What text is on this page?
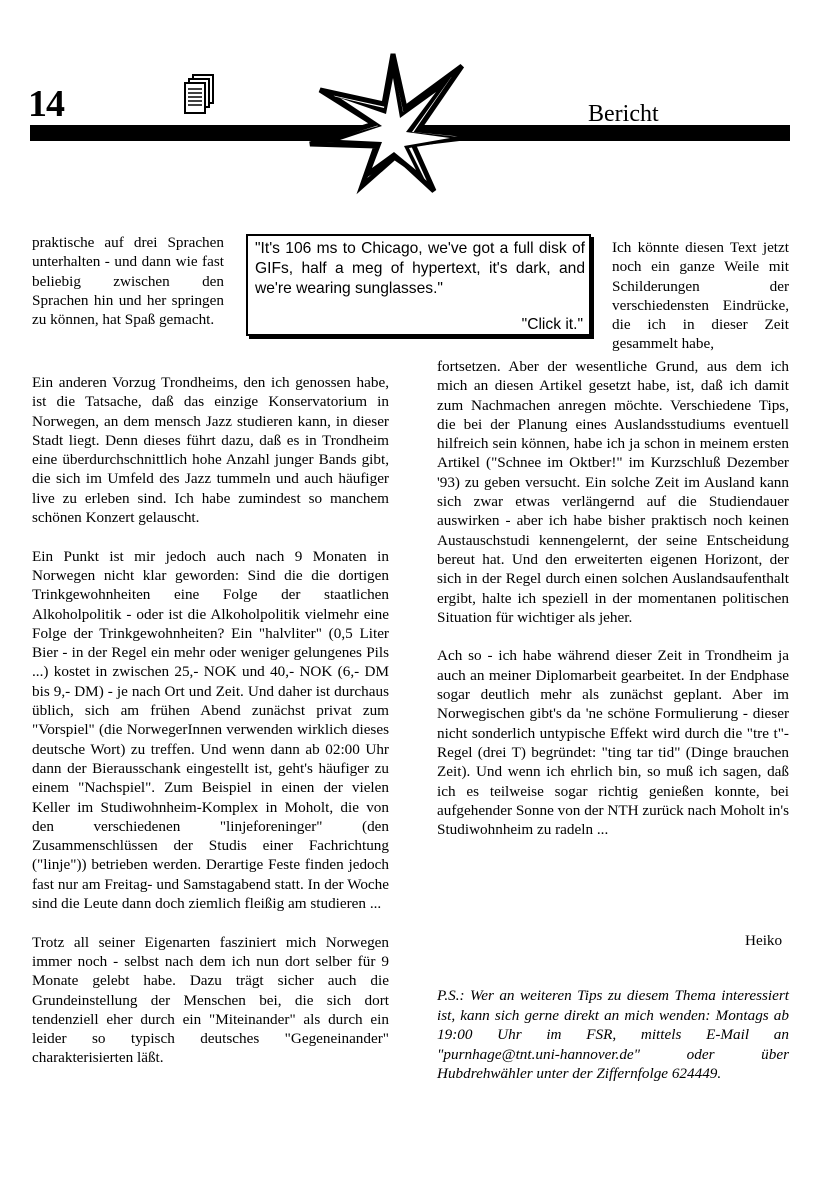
14	Bericht
praktische auf drei Sprachen unterhalten - und dann wie fast beliebig zwischen den Sprachen hin und her springen zu können, hat Spaß gemacht.

Ein anderen Vorzug Trondheims, den ich genossen habe, ist die Tatsache, daß das einzige Konservatorium in Norwegen, an dem mensch Jazz studieren kann, in dieser Stadt liegt. Denn dieses führt dazu, daß es in Trondheim eine überdurchschnittlich hohe Anzahl junger Bands gibt, die sich im Umfeld des Jazz tummeln und auch häufiger live zu erleben sind. Ich habe zumindest so manchem schönen Konzert gelauscht.

Ein Punkt ist mir jedoch auch nach 9 Monaten in Norwegen nicht klar geworden: Sind die die dortigen Trinkgewohnheiten eine Folge der staatlichen Alkoholpolitik - oder ist die Alkoholpolitik vielmehr eine Folge der Trinkgewohnheiten? Ein "halvliter" (0,5 Liter Bier - in der Regel ein mehr oder weniger gelungenes Pils ...) kostet in zwischen 25,- NOK und 40,- NOK (6,- DM bis 9,- DM) - je nach Ort und Zeit. Und daher ist durchaus üblich, sich am frühen Abend zunächst privat zum "Vorspiel" (die NorwegerInnen verwenden wirklich dieses deutsche Wort) zu treffen. Und wenn dann ab 02:00 Uhr dann der Bierausschank eingestellt ist, geht's häufiger zu einem "Nachspiel". Zum Beispiel in einen der vielen Keller im Studiwohnheim-Komplex in Moholt, die von den verschiedenen "linjeforeninger" (den Zusammenschlüssen der Studis einer Fachrichtung ("linje")) betrieben werden. Derartige Feste finden jedoch fast nur am Freitag- und Samstagabend statt. In der Woche sind die Leute dann doch ziemlich fleißig am studieren ...

Trotz all seiner Eigenarten fasziniert mich Norwegen immer noch - selbst nach dem ich nun dort selber für 9 Monate gelebt habe. Dazu trägt sicher auch die Grundeinstellung der Menschen bei, die sich dort tendenziell eher durch ein "Miteinander" als durch ein leider so typisch deutsches "Gegeneinander" charakterisierten läßt.

"It's 106 ms to Chicago, we've got a full disk of GIFs, half a meg of hypertext, it's dark, and we're wearing sunglasses."
"Click it."
Ich könnte diesen Text jetzt noch ein ganze Weile mit Schilderungen der verschiedensten Eindrücke, die ich in dieser Zeit gesammelt habe,

fortsetzen. Aber der wesentliche Grund, aus dem ich mich an diesen Artikel gesetzt habe, ist, daß ich damit zum Nachmachen anregen möchte. Verschiedene Tips, die bei der Planung eines Auslandsstudiums eventuell hilfreich sein können, habe ich ja schon in meinem ersten Artikel ("Schnee im Oktber!" im Kurzschluß Dezember '93) zu geben versucht. Ein solche Zeit im Ausland kann sich zwar etwas verlängernd auf die Studiendauer auswirken - aber ich habe bisher praktisch noch keinen Austauschstudi kennengelernt, der seine Entscheidung bereut hat. Und den erweiterten eigenen Horizont, der sich in der Regel durch einen solchen Auslandsaufenthalt ergibt, halte ich speziell in der momentanen politischen Situation für wichtiger als jeher.

Ach so - ich habe während dieser Zeit in Trondheim ja auch an meiner Diplomarbeit gearbeitet. In der Endphase sogar deutlich mehr als zunächst geplant. Aber im Norwegischen gibt's da 'ne schöne Formulierung - dieser nicht sonderlich untypische Effekt wird durch die "tre t"-Regel (drei T) begründet: "ting tar tid" (Dinge brauchen Zeit). Und wenn ich ehrlich bin, so muß ich sagen, daß ich es teilweise sogar richtig genießen konnte, bei aufgehender Sonne von der NTH zurück nach Moholt in's Studiwohnheim zu radeln ...

Heiko
P.S.: Wer an weiteren Tips zu diesem Thema interessiert ist, kann sich gerne direkt an mich wenden: Montags ab 19:00 Uhr im FSR, mittels E-Mail an "purnhage@tnt.uni-hannover.de" oder über Hubdrehwähler unter der Ziffernfolge 624449.
